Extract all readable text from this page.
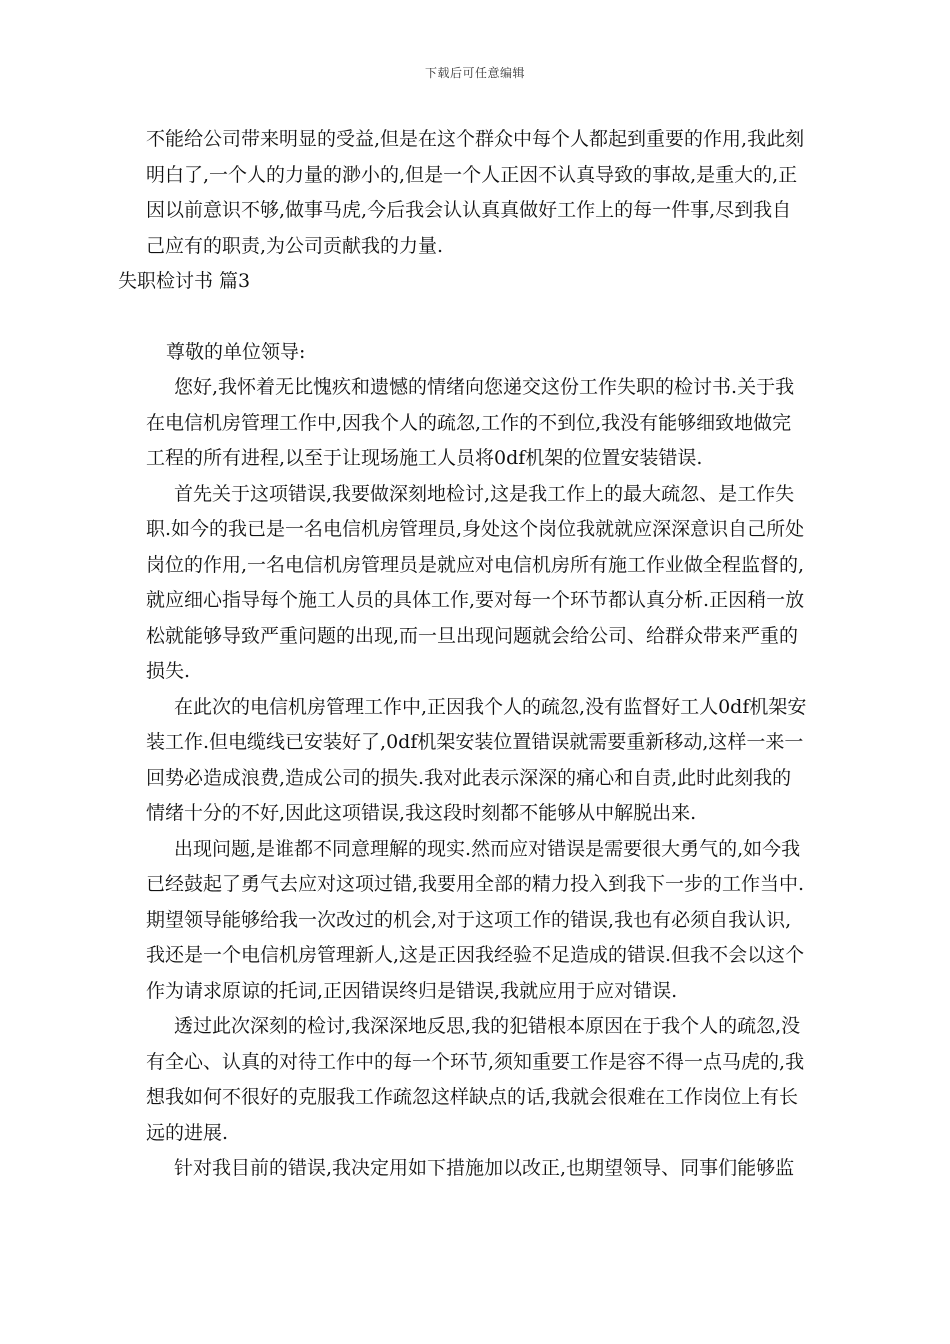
下载后可任意编辑

不能给公司带来明显的受益,但是在这个群众中每个人都起到重要的作用,我此刻明白了,一个人的力量的渺小的,但是一个人正因不认真导致的事故,是重大的,正因以前意识不够,做事马虎,今后我会认认真真做好工作上的每一件事,尽到我自己应有的职责,为公司贡献我的力量.

失职检讨书 篇3

尊敬的单位领导:

您好,我怀着无比愧疚和遗憾的情绪向您递交这份工作失职的检讨书.关于我在电信机房管理工作中,因我个人的疏忽,工作的不到位,我没有能够细致地做完工程的所有进程,以至于让现场施工人员将0df机架的位置安装错误.

首先关于这项错误,我要做深刻地检讨,这是我工作上的最大疏忽、是工作失职.如今的我已是一名电信机房管理员,身处这个岗位我就就应深深意识自己所处岗位的作用,一名电信机房管理员是就应对电信机房所有施工作业做全程监督的,就应细心指导每个施工人员的具体工作,要对每一个环节都认真分析.正因稍一放松就能够导致严重问题的出现,而一旦出现问题就会给公司、给群众带来严重的损失.

在此次的电信机房管理工作中,正因我个人的疏忽,没有监督好工人0df机架安装工作.但电缆线已安装好了,0df机架安装位置错误就需要重新移动,这样一来一回势必造成浪费,造成公司的损失.我对此表示深深的痛心和自责,此时此刻我的情绪十分的不好,因此这项错误,我这段时刻都不能够从中解脱出来.

出现问题,是谁都不同意理解的现实.然而应对错误是需要很大勇气的,如今我已经鼓起了勇气去应对这项过错,我要用全部的精力投入到我下一步的工作当中.期望领导能够给我一次改过的机会,对于这项工作的错误,我也有必须自我认识,我还是一个电信机房管理新人,这是正因我经验不足造成的错误.但我不会以这个作为请求原谅的托词,正因错误终归是错误,我就应用于应对错误.

透过此次深刻的检讨,我深深地反思,我的犯错根本原因在于我个人的疏忽,没有全心、认真的对待工作中的每一个环节,须知重要工作是容不得一点马虎的,我想我如何不很好的克服我工作疏忽这样缺点的话,我就会很难在工作岗位上有长远的进展.

针对我目前的错误,我决定用如下措施加以改正,也期望领导、同事们能够监
